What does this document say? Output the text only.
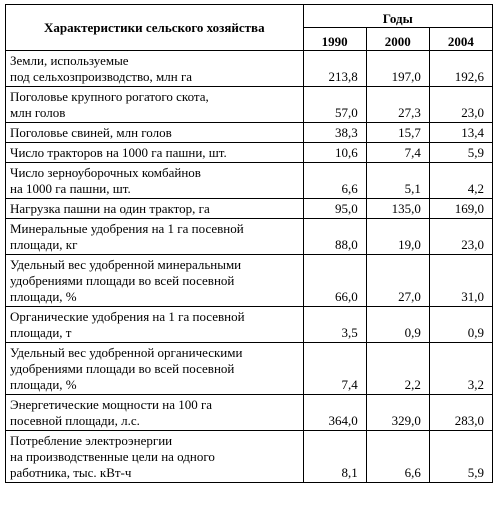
Характеристики сельского хозяйства	Годы		
	1990	2000	2004
Земли, используемые
под сельхозпроизводство, млн га	213,8	197,0	192,6
Поголовье крупного рогатого скота,
млн голов	57,0	27,3	23,0
Поголовье свиней, млн голов	38,3	15,7	13,4
Число тракторов на 1000 га пашни, шт.	10,6	7,4	5,9
Число зерноуборочных комбайнов
на 1000 га пашни, шт.	6,6	5,1	4,2
Нагрузка пашни на один трактор, га	95,0	135,0	169,0
Минеральные удобрения на 1 га посевной
площади, кг	88,0	19,0	23,0
Удельный вес удобренной минеральными
удобрениями площади во всей посевной
площади, %	66,0	27,0	31,0
Органические удобрения на 1 га посевной
площади, т	3,5	0,9	0,9
Удельный вес удобренной органическими
удобрениями площади во всей посевной
площади, %	7,4	2,2	3,2
Энергетические мощности на 100 га
посевной площади, л.с.	364,0	329,0	283,0
Потребление электроэнергии
на производственные цели на одного
работника, тыс. кВт-ч	8,1	6,6	5,9
